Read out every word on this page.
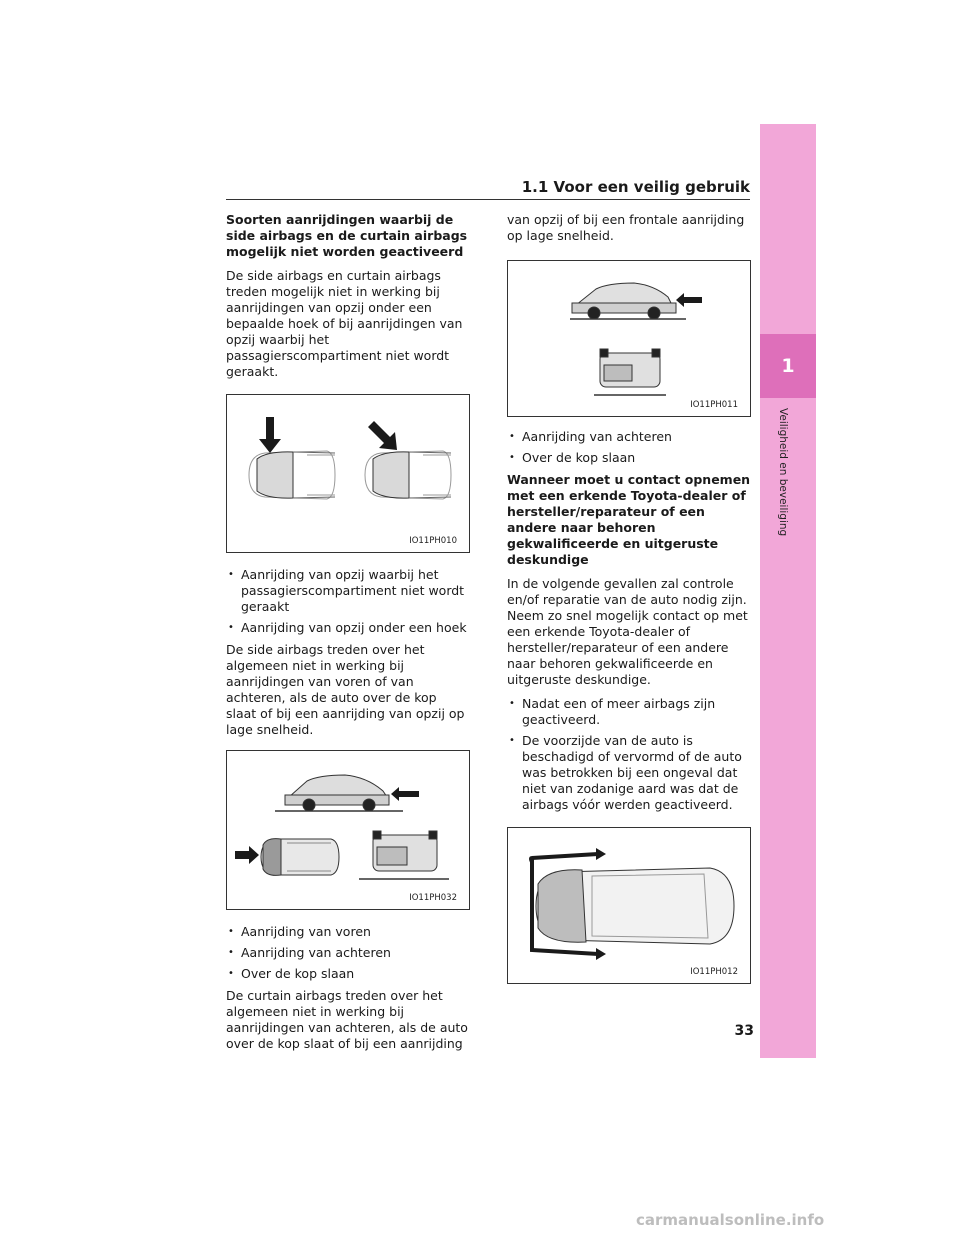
1
Veiligheid en beveiliging
1.1 Voor een veilig gebruik
Soorten aanrijdingen waarbij de side airbags en de curtain airbags mogelijk niet worden geactiveerd

De side airbags en curtain airbags treden mogelijk niet in werking bij aanrijdingen van opzij onder een bepaalde hoek of bij aanrijdingen van opzij waarbij het passagierscompartiment niet wordt geraakt.

IO11PH010
• Aanrijding van opzij waarbij het passagierscompartiment niet wordt geraakt
• Aanrijding van opzij onder een hoek

De side airbags treden over het algemeen niet in werking bij aanrijdingen van voren of van achteren, als de auto over de kop slaat of bij een aanrijding van opzij op lage snelheid.

IO11PH032
• Aanrijding van voren
• Aanrijding van achteren
• Over de kop slaan

De curtain airbags treden over het algemeen niet in werking bij aanrijdingen van achteren, als de auto over de kop slaat of bij een aanrijding

van opzij of bij een frontale aanrijding op lage snelheid.

IO11PH011
• Aanrijding van achteren
• Over de kop slaan
Wanneer moet u contact opnemen met een erkende Toyota-dealer of hersteller/reparateur of een andere naar behoren gekwalificeerde en uitgeruste deskundige

In de volgende gevallen zal controle en/of reparatie van de auto nodig zijn. Neem zo snel mogelijk contact op met een erkende Toyota-dealer of hersteller/reparateur of een andere naar behoren gekwalificeerde en uitgeruste deskundige.

• Nadat een of meer airbags zijn geactiveerd.
• De voorzijde van de auto is beschadigd of vervormd of de auto was betrokken bij een ongeval dat niet van zodanige aard was dat de airbags vóór werden geactiveerd.
IO11PH012
33
carmanualsonline.info
